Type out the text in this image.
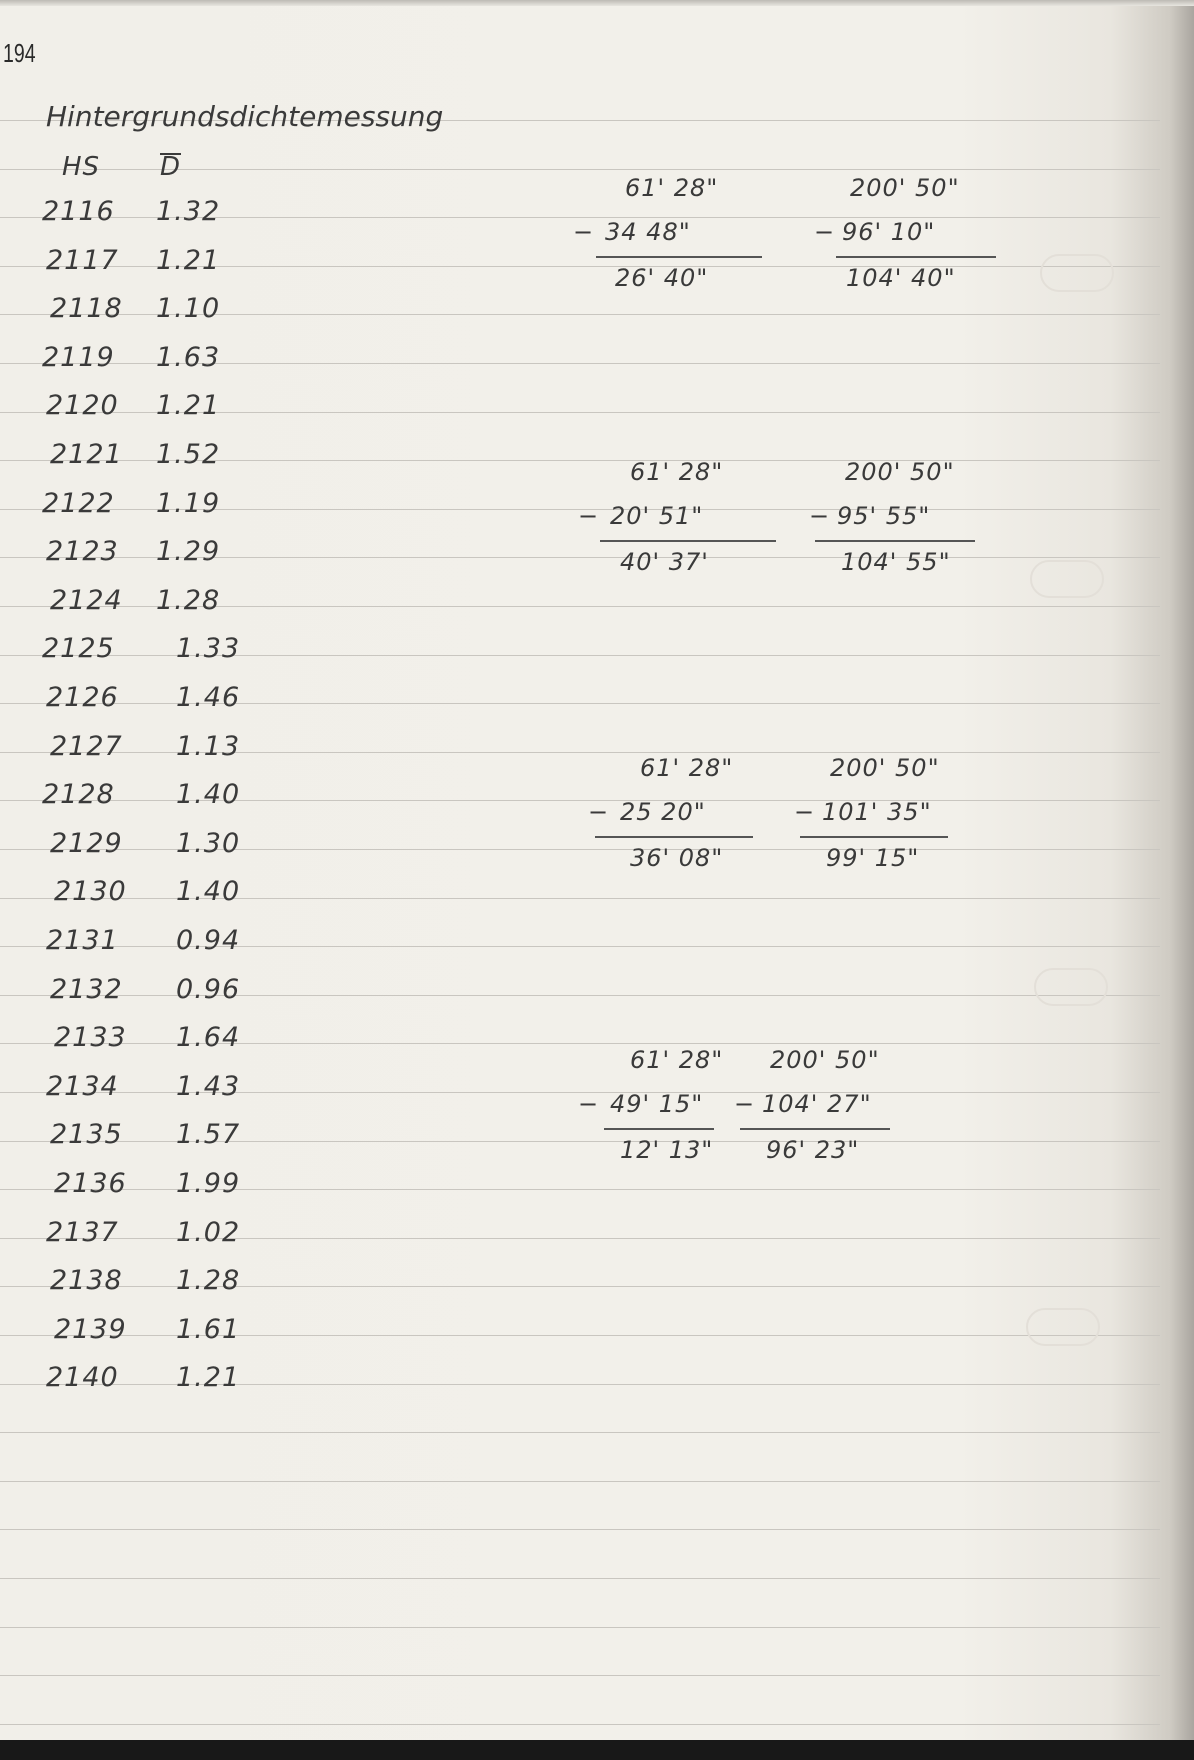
194
Hintergrundsdichtemessung
HS D
2116 1.32
2117 1.21
2118 1.10
2119 1.63
2120 1.21
2121 1.52
2122 1.19
2123 1.29
2124 1.28
2125 1.33
2126 1.46
2127 1.13
2128 1.40
2129 1.30
2130 1.40
2131 0.94
2132 0.96
2133 1.64
2134 1.43
2135 1.57
2136 1.99
2137 1.02
2138 1.28
2139 1.61
2140 1.21
61' 28"
− 34 48"
26' 40"
200' 50"
− 96' 10"
104' 40"
61' 28"
− 20' 51"
40' 37'
200' 50"
− 95' 55"
104' 55"
61' 28"
− 25 20"
36' 08"
200' 50"
− 101' 35"
99' 15"
61' 28"
− 49' 15"
12' 13"
200' 50"
− 104' 27"
96' 23"
